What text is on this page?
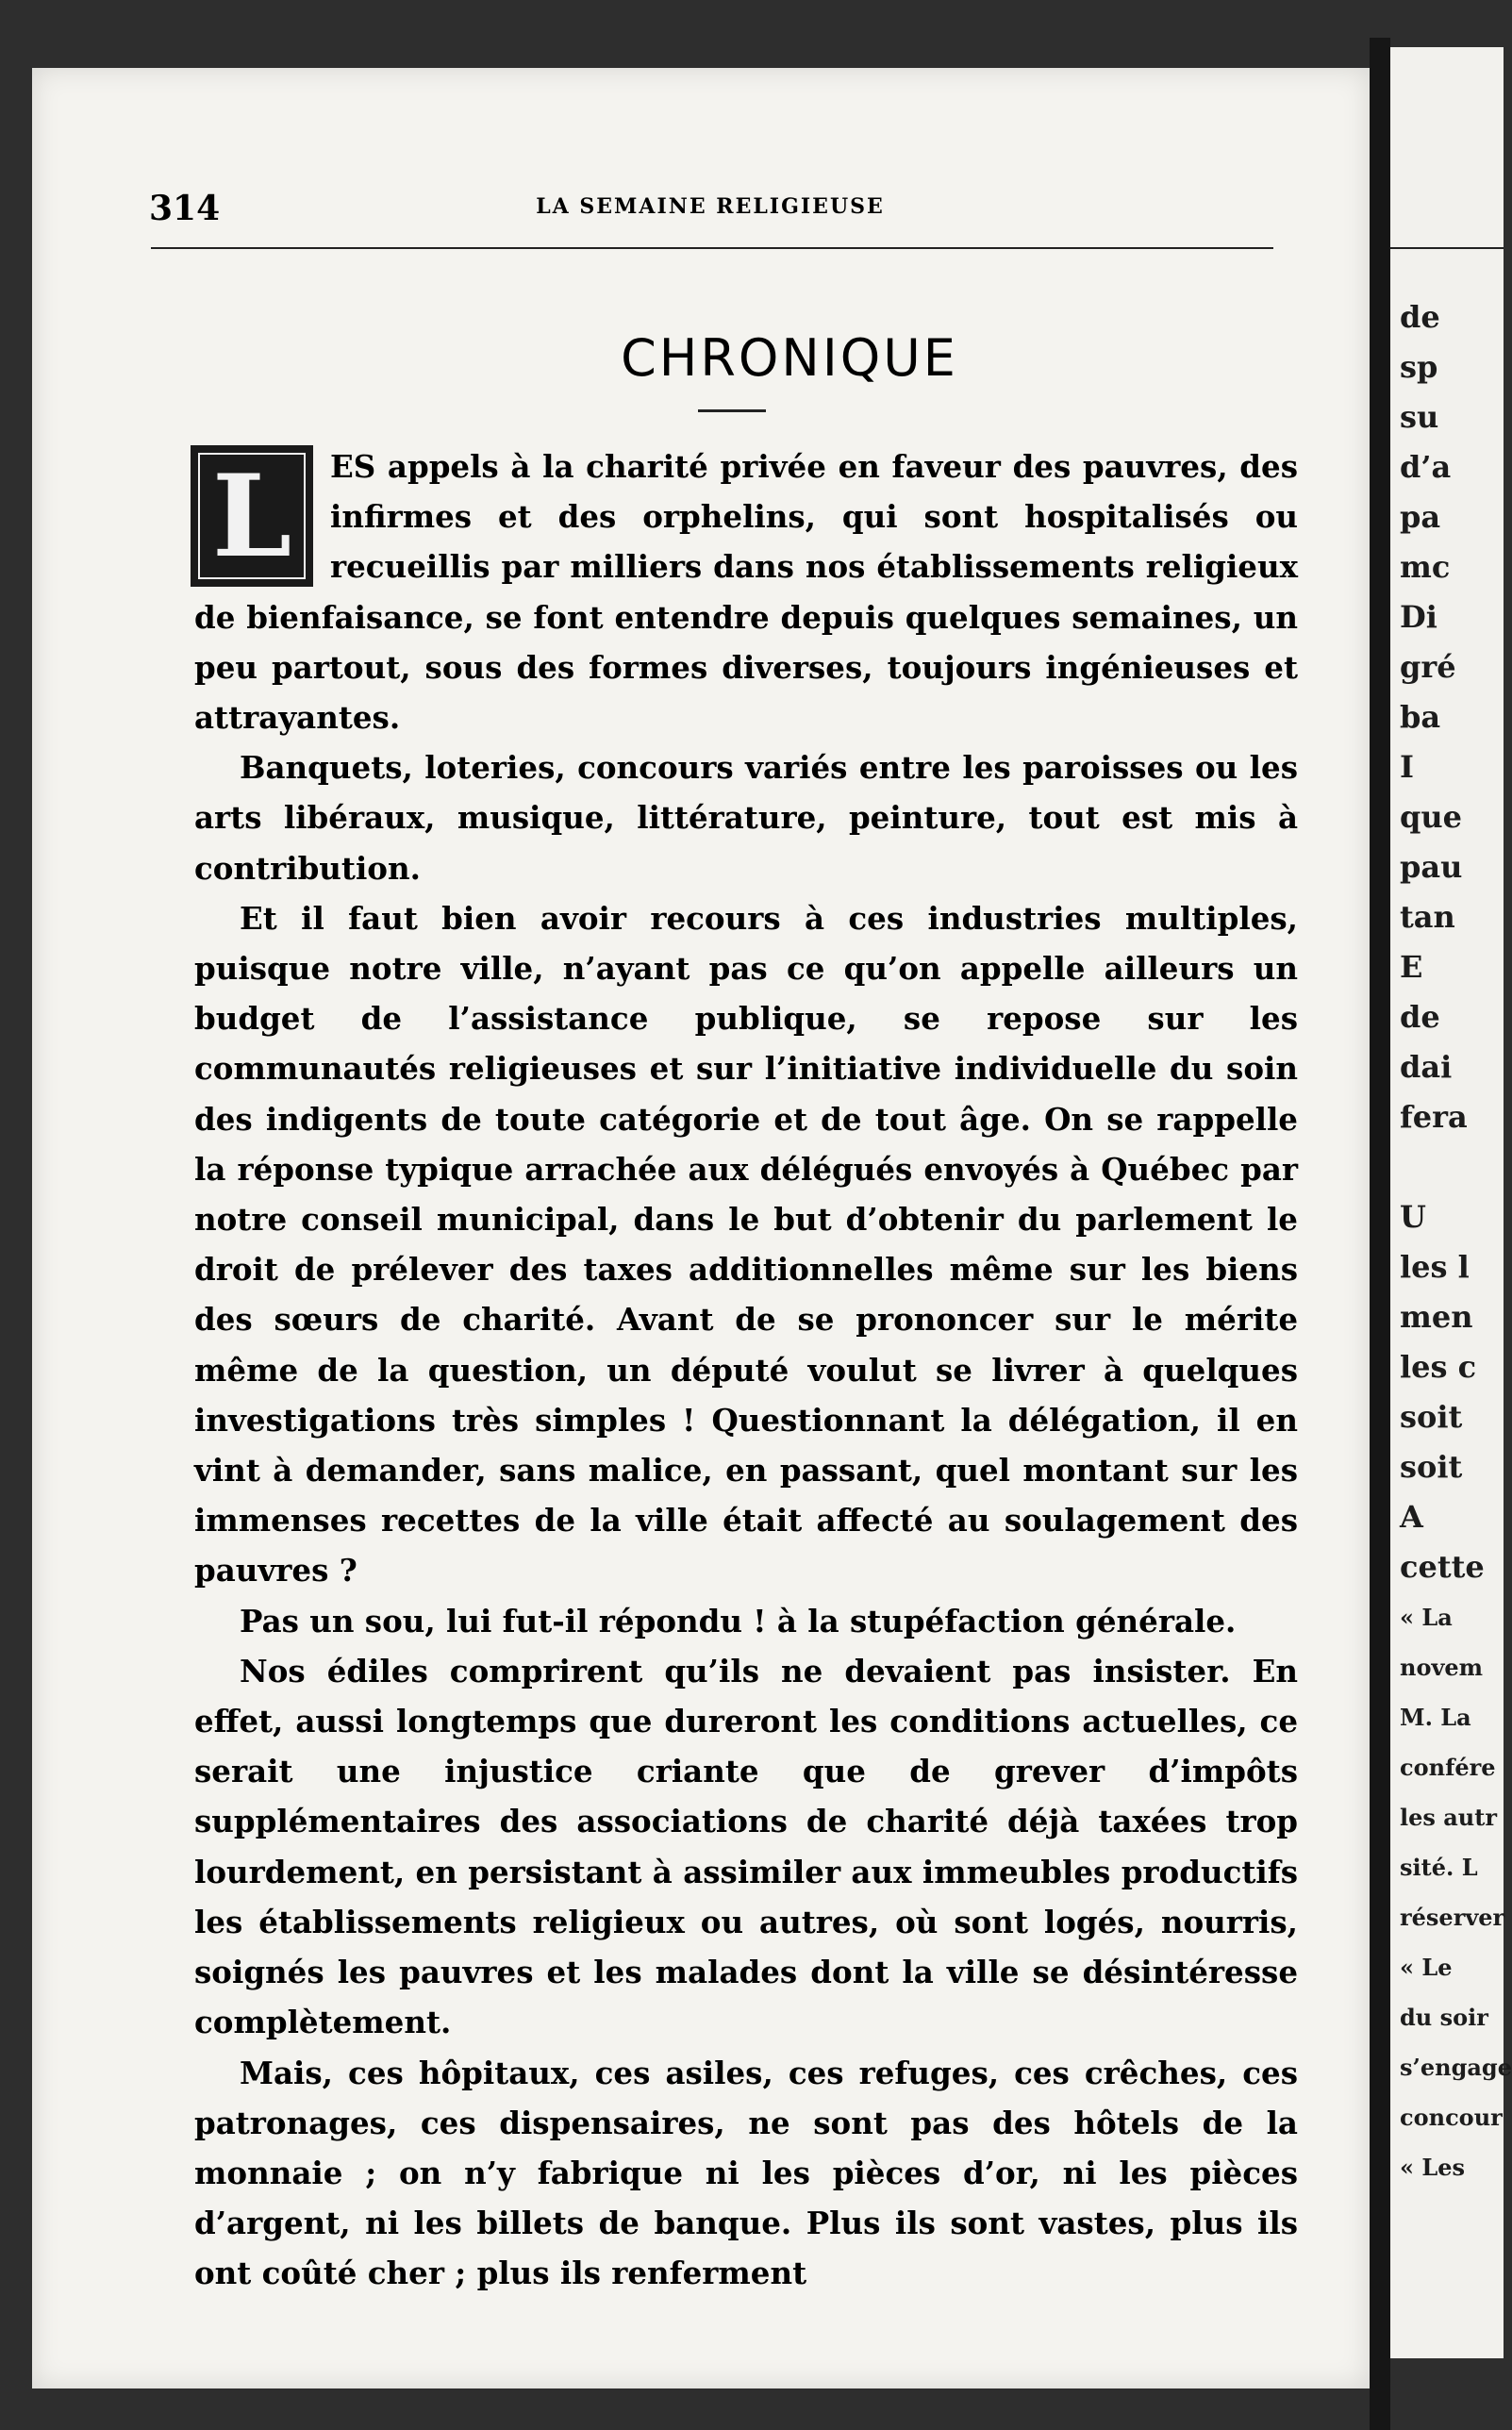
de
sp
su
d’a
pa
mc
Di
gré
ba
I
que
pau
tan
E
de
dai
fera

U
les l
men
les c
soit
soit
A
cette
« La
novem
M. La
confére
les autr
sité. L
réserver
« Le
du soir
s’engage
concour
« Les
314	LA SEMAINE RELIGIEUSE
CHRONIQUE

L	ES appels à la charité privée en faveur des pauvres, des infirmes et des orphelins, qui sont hospitalisés ou recueillis par milliers dans nos établissements religieux de bienfaisance, se font entendre depuis quelques semaines, un peu partout, sous des formes diverses, toujours ingénieuses et attrayantes.

Banquets, loteries, concours variés entre les paroisses ou les arts libéraux, musique, littérature, peinture, tout est mis à contribution.

Et il faut bien avoir recours à ces industries multiples, puisque notre ville, n’ayant pas ce qu’on appelle ailleurs un budget de l’assistance publique, se repose sur les communautés religieuses et sur l’initiative individuelle du soin des indigents de toute catégorie et de tout âge. On se rappelle la réponse typique arrachée aux délégués envoyés à Québec par notre conseil municipal, dans le but d’obtenir du parlement le droit de prélever des taxes additionnelles même sur les biens des sœurs de charité. Avant de se prononcer sur le mérite même de la question, un député voulut se livrer à quelques investigations très simples ! Questionnant la délégation, il en vint à demander, sans malice, en passant, quel montant sur les immenses recettes de la ville était affecté au soulagement des pauvres ?

Pas un sou, lui fut-il répondu ! à la stupéfaction générale.

Nos édiles comprirent qu’ils ne devaient pas insister. En effet, aussi longtemps que dureront les conditions actuelles, ce serait une injustice criante que de grever d’impôts supplémentaires des associations de charité déjà taxées trop lourdement, en persistant à assimiler aux immeubles productifs les établissements religieux ou autres, où sont logés, nourris, soignés les pauvres et les malades dont la ville se désintéresse complètement.

Mais, ces hôpitaux, ces asiles, ces refuges, ces crêches, ces patronages, ces dispensaires, ne sont pas des hôtels de la monnaie ; on n’y fabrique ni les pièces d’or, ni les pièces d’argent, ni les billets de banque. Plus ils sont vastes, plus ils ont coûté cher ; plus ils renferment
